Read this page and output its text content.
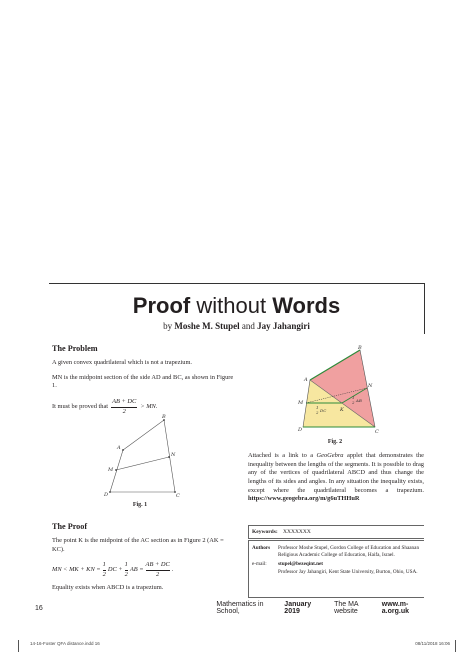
Proof without Words
by Moshe M. Stupel and Jay Jahangiri
The Problem

A given convex quadrilateral which is not a trapezium.

MN is the midpoint section of the side AD and BC, as shown in Figure 1.

It must be proved that $\frac{AB + DC}{2}$ > MN.
D
A
B
C
M
N
Fig. 1
The Proof

The point K is the midpoint of the AC section as in Figure 2 (AK = KC).

MN < MK + KN = $\frac{1}{2}$ DC + $\frac{1}{2}$ AB = $\frac{AB + DC}{2}$ .

Equality exists when ABCD is a trapezium.

D
A
B
C
M
N
K
1
2 DC
1
2 AB
Fig. 2

Attached is a link to a GeoGebra applet that demonstrates the inequality between the lengths of the segments. It is possible to drag any of the vertices of quadrilateral ABCD and thus change the lengths of its sides and angles. In any situation the inequality exists, except where the quadrilateral becomes a trapezium. https://www.geogebra.org/m/g6uTHHuR

Keywords: XXXXXXX
Authors	Professor Moshe Stupel, Gordon College of Education and Shaanan Religious Academic College of Education, Haifa, Israel.
e-mail:	stupel@bezeqint.net
Professor Jay Jahangiri, Kent State University, Burton, Ohio, USA.
16	Mathematics in School,
January 2019
The MA website
www.m-a.org.uk
14-16-Foster QFA distance.indd 16	08/11/2018 16:06
